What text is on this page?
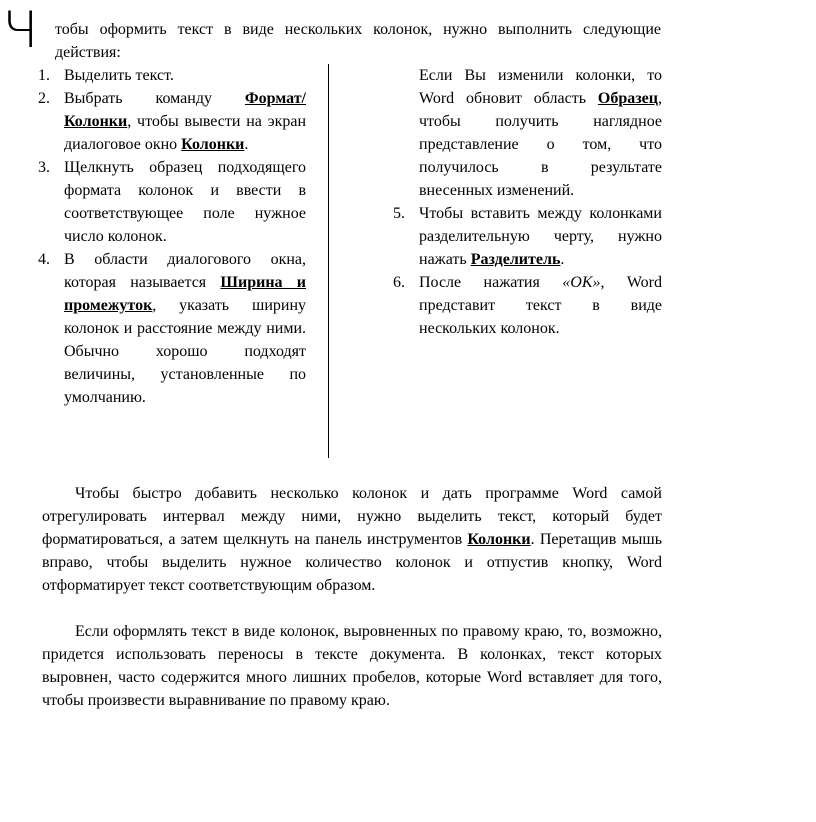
Ч тобы оформить текст в виде нескольких колонок, нужно выполнить следующие действия:
1. Выделить текст.
2. Выбрать команду Формат/ Колонки, чтобы вывести на экран диалоговое окно Колонки.
3. Щелкнуть образец подходящего формата колонок и ввести в соответствующее поле нужное число колонок.
4. В области диалогового окна, которая называется Ширина и промежуток, указать ширину колонок и расстояние между ними. Обычно хорошо подходят величины, установленные по умолчанию.
Если Вы изменили колонки, то Word обновит область Образец, чтобы получить наглядное представление о том, что получилось в результате внесенных изменений.
5. Чтобы вставить между колонками разделительную черту, нужно нажать Разделитель.
6. После нажатия «ОК», Word представит текст в виде нескольких колонок.
Чтобы быстро добавить несколько колонок и дать программе Word самой отрегулировать интервал между ними, нужно выделить текст, который будет форматироваться, а затем щелкнуть на панель инструментов Колонки. Перетащив мышь вправо, чтобы выделить нужное количество колонок и отпустив кнопку, Word отформатирует текст соответствующим образом.
Если оформлять текст в виде колонок, выровненных по правому краю, то, возможно, придется использовать переносы в тексте документа. В колонках, текст которых выровнен, часто содержится много лишних пробелов, которые Word вставляет для того, чтобы произвести выравнивание по правому краю.
